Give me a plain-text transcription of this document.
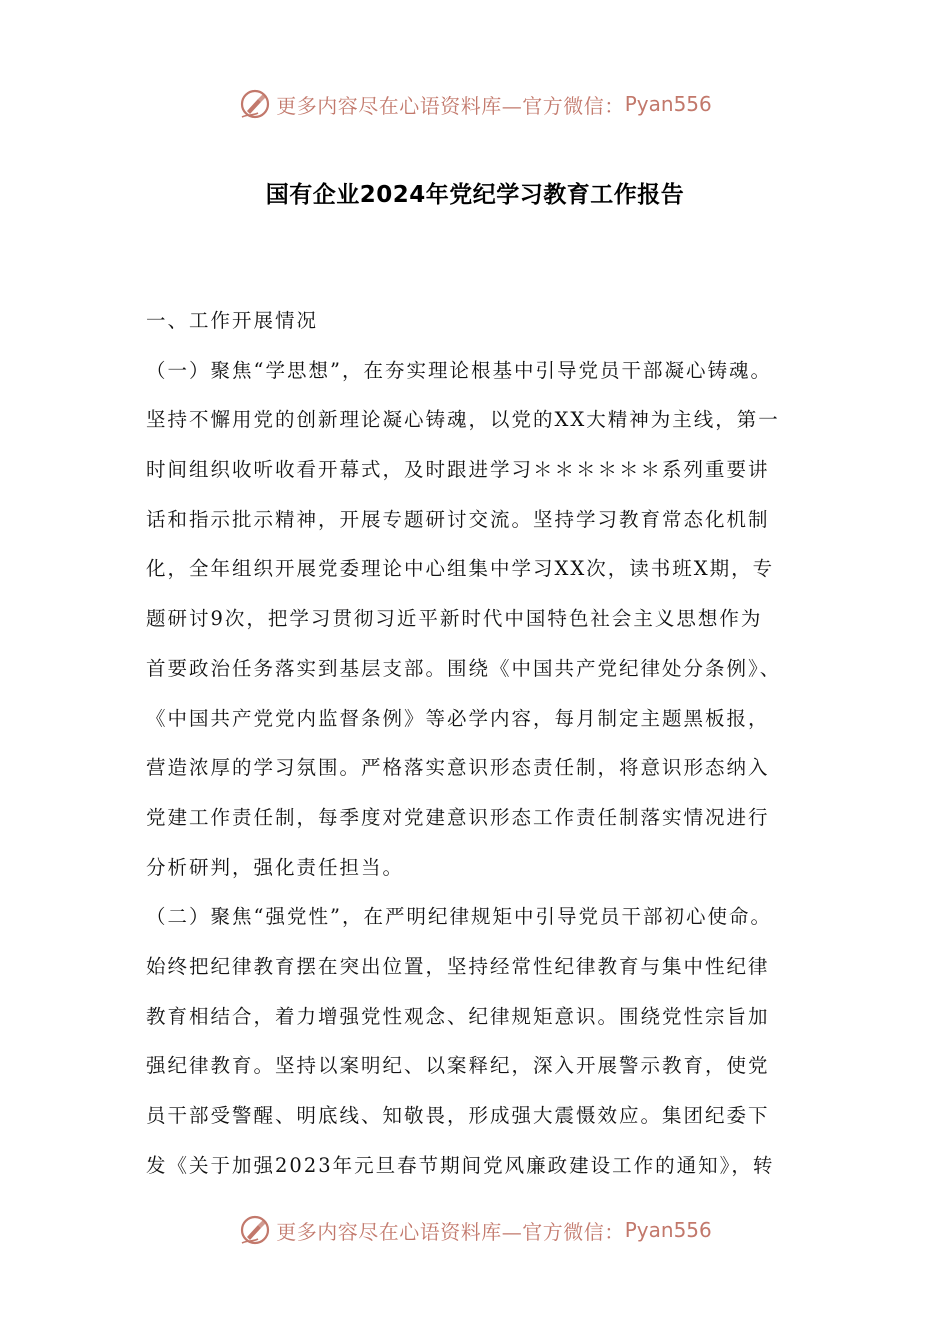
更多内容尽在心语资料库—官方微信： Pyan556
国有企业2024年党纪学习教育工作报告
一、工作开展情况
（一）聚焦“学思想”，在夯实理论根基中引导党员干部凝心铸魂。
坚持不懈用党的创新理论凝心铸魂，以党的XX大精神为主线，第一
时间组织收听收看开幕式，及时跟进学习＊＊＊＊＊＊系列重要讲
话和指示批示精神，开展专题研讨交流。坚持学习教育常态化机制
化，全年组织开展党委理论中心组集中学习XX次，读书班X期，专
题研讨9次，把学习贯彻习近平新时代中国特色社会主义思想作为
首要政治任务落实到基层支部。围绕《中国共产党纪律处分条例》、
《中国共产党党内监督条例》等必学内容，每月制定主题黑板报，
营造浓厚的学习氛围。严格落实意识形态责任制，将意识形态纳入
党建工作责任制，每季度对党建意识形态工作责任制落实情况进行
分析研判，强化责任担当。
（二）聚焦“强党性”，在严明纪律规矩中引导党员干部初心使命。
始终把纪律教育摆在突出位置，坚持经常性纪律教育与集中性纪律
教育相结合，着力增强党性观念、纪律规矩意识。围绕党性宗旨加
强纪律教育。坚持以案明纪、以案释纪，深入开展警示教育，使党
员干部受警醒、明底线、知敬畏，形成强大震慑效应。集团纪委下
发《关于加强2023年元旦春节期间党风廉政建设工作的通知》，转
更多内容尽在心语资料库—官方微信： Pyan556
